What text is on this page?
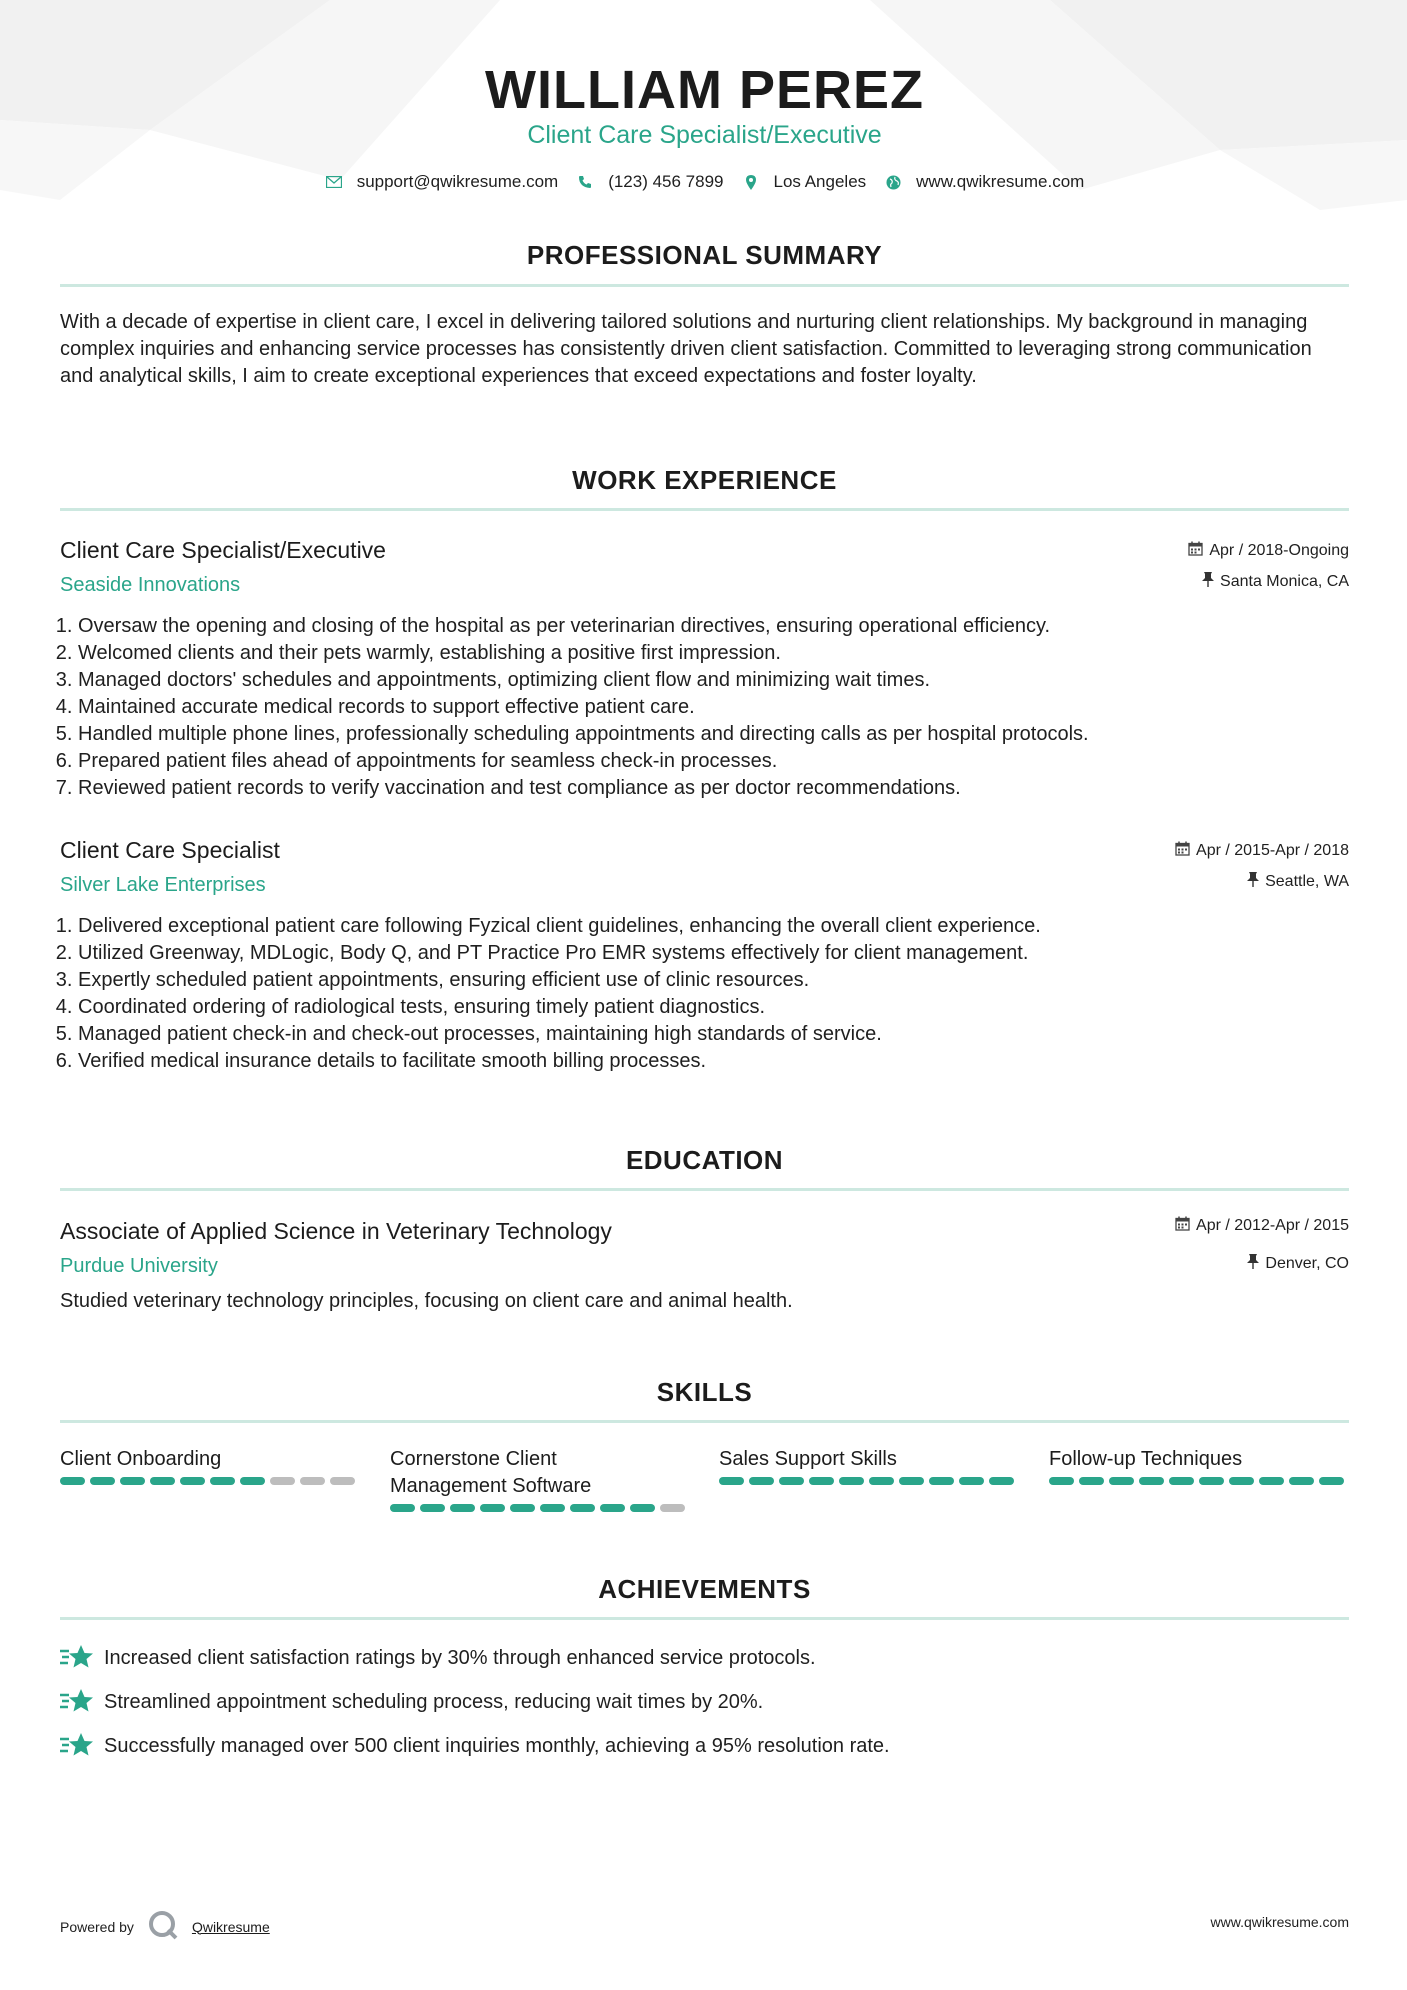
WILLIAM PEREZ
Client Care Specialist/Executive
support@qwikresume.com	(123) 456 7899	Los Angeles	www.qwikresume.com
PROFESSIONAL SUMMARY
With a decade of expertise in client care, I excel in delivering tailored solutions and nurturing client relationships. My background in managing complex inquiries and enhancing service processes has consistently driven client satisfaction. Committed to leveraging strong communication and analytical skills, I aim to create exceptional experiences that exceed expectations and foster loyalty.
WORK EXPERIENCE
Client Care Specialist/Executive
Seaside Innovations
Apr / 2018-Ongoing
Santa Monica, CA
1. Oversaw the opening and closing of the hospital as per veterinarian directives, ensuring operational efficiency.
2. Welcomed clients and their pets warmly, establishing a positive first impression.
3. Managed doctors' schedules and appointments, optimizing client flow and minimizing wait times.
4. Maintained accurate medical records to support effective patient care.
5. Handled multiple phone lines, professionally scheduling appointments and directing calls as per hospital protocols.
6. Prepared patient files ahead of appointments for seamless check-in processes.
7. Reviewed patient records to verify vaccination and test compliance as per doctor recommendations.
Client Care Specialist
Silver Lake Enterprises
Apr / 2015-Apr / 2018
Seattle, WA
1. Delivered exceptional patient care following Fyzical client guidelines, enhancing the overall client experience.
2. Utilized Greenway, MDLogic, Body Q, and PT Practice Pro EMR systems effectively for client management.
3. Expertly scheduled patient appointments, ensuring efficient use of clinic resources.
4. Coordinated ordering of radiological tests, ensuring timely patient diagnostics.
5. Managed patient check-in and check-out processes, maintaining high standards of service.
6. Verified medical insurance details to facilitate smooth billing processes.
EDUCATION
Associate of Applied Science in Veterinary Technology
Purdue University
Apr / 2012-Apr / 2015
Denver, CO
Studied veterinary technology principles, focusing on client care and animal health.
SKILLS
Client Onboarding	Cornerstone Client Management Software
Sales Support Skills	Follow-up Techniques
ACHIEVEMENTS
Increased client satisfaction ratings by 30% through enhanced service protocols.
Streamlined appointment scheduling process, reducing wait times by 20%.
Successfully managed over 500 client inquiries monthly, achieving a 95% resolution rate.
Powered by	Qwikresume	www.qwikresume.com
